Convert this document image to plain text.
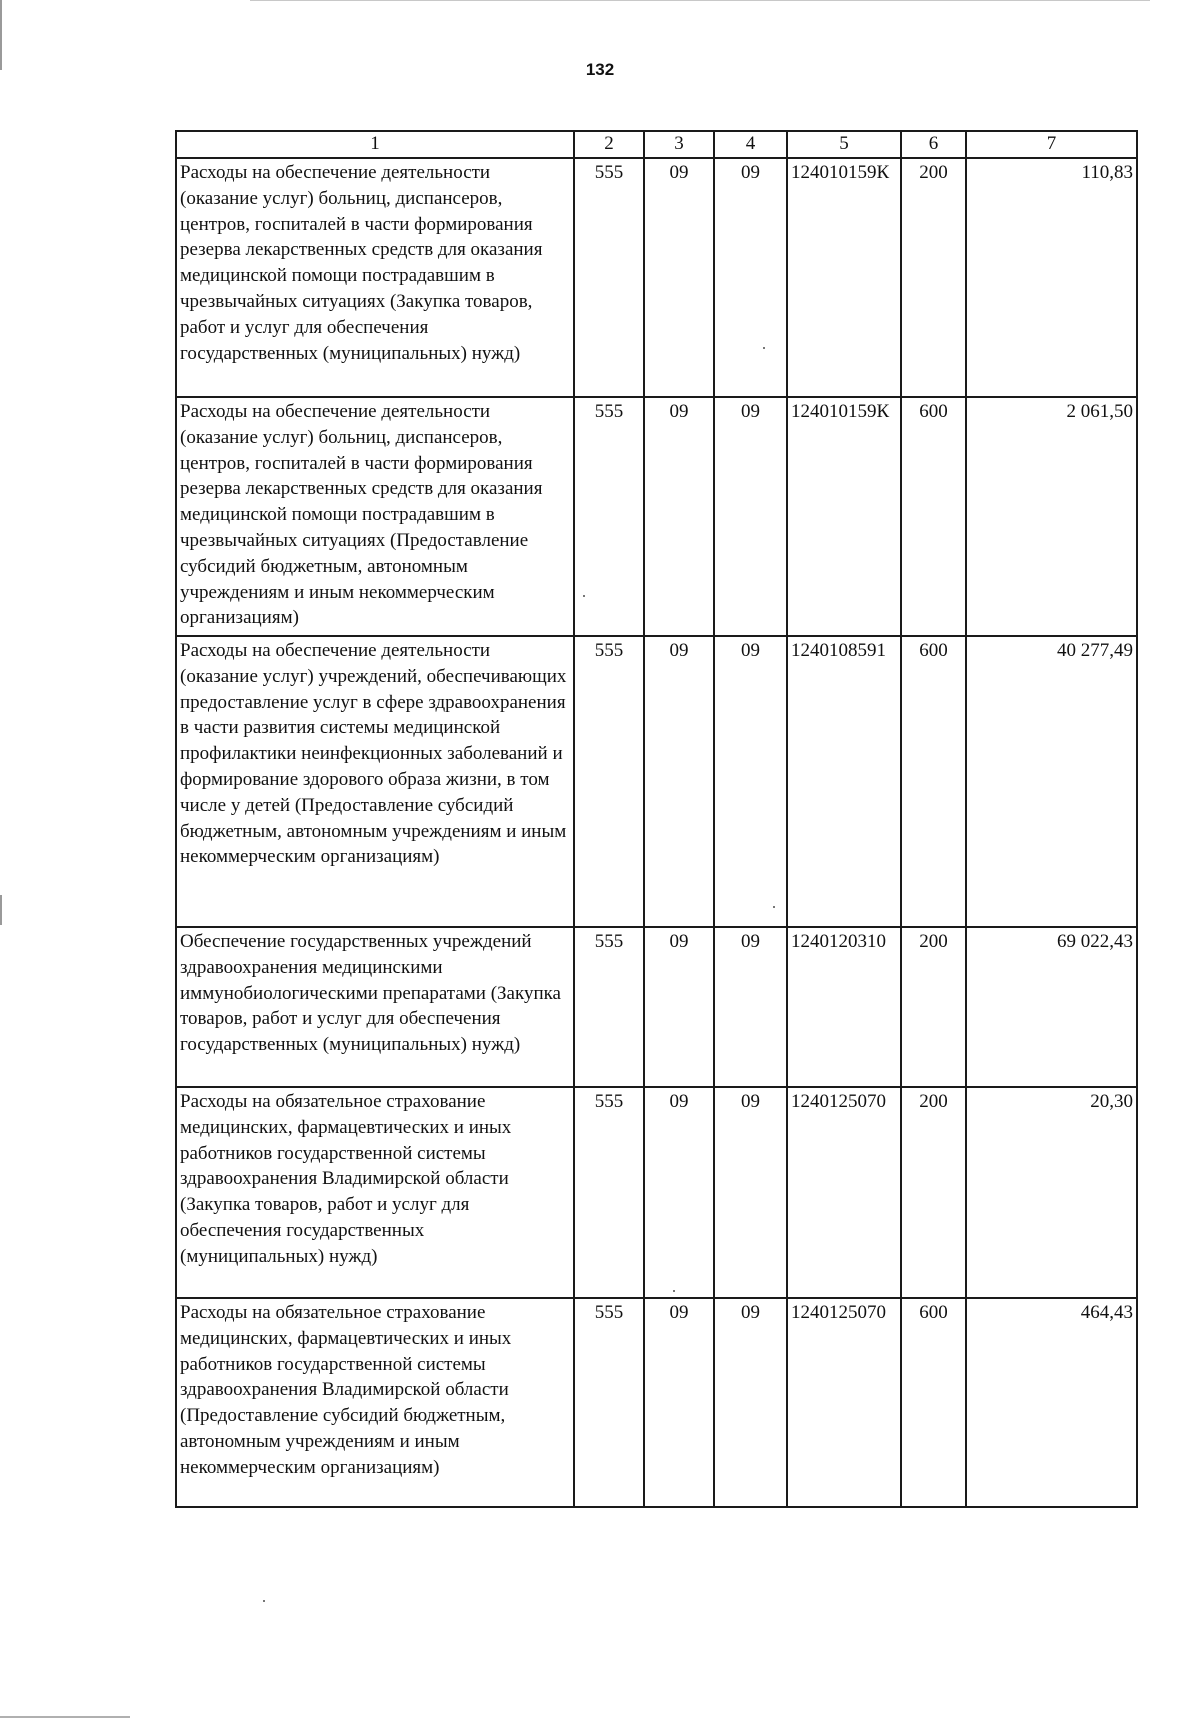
132
1	2	3	4	5	6	7
Расходы на обеспечение деятельности (оказание услуг) больниц, диспансеров, центров, госпиталей в части формирования резерва лекарственных средств для оказания медицинской помощи пострадавшим в чрезвычайных ситуациях (Закупка товаров, работ и услуг для обеспечения государственных (муниципальных) нужд)	555	09	09	124010159К	200	110,83
Расходы на обеспечение деятельности (оказание услуг) больниц, диспансеров, центров, госпиталей в части формирования резерва лекарственных средств для оказания медицинской помощи пострадавшим в чрезвычайных ситуациях (Предоставление субсидий бюджетным, автономным учреждениям и иным некоммерческим организациям)	555	09	09	124010159К	600	2 061,50
Расходы на обеспечение деятельности (оказание услуг) учреждений, обеспечивающих предоставление услуг в сфере здравоохранения в части развития системы медицинской профилактики неинфекционных заболеваний и формирование здорового образа жизни, в том числе у детей (Предоставление субсидий бюджетным, автономным учреждениям и иным некоммерческим организациям)	555	09	09	1240108591	600	40 277,49
Обеспечение государственных учреждений здравоохранения медицинскими иммунобиологическими препаратами (Закупка товаров, работ и услуг для обеспечения государственных (муниципальных) нужд)	555	09	09	1240120310	200	69 022,43
Расходы на обязательное страхование медицинских, фармацевтических и иных работников государственной системы здравоохранения Владимирской области (Закупка товаров, работ и услуг для обеспечения государственных (муниципальных) нужд)	555	09	09	1240125070	200	20,30
Расходы на обязательное страхование медицинских, фармацевтических и иных работников государственной системы здравоохранения Владимирской области (Предоставление субсидий бюджетным, автономным учреждениям и иным некоммерческим организациям)	555	09	09	1240125070	600	464,43
